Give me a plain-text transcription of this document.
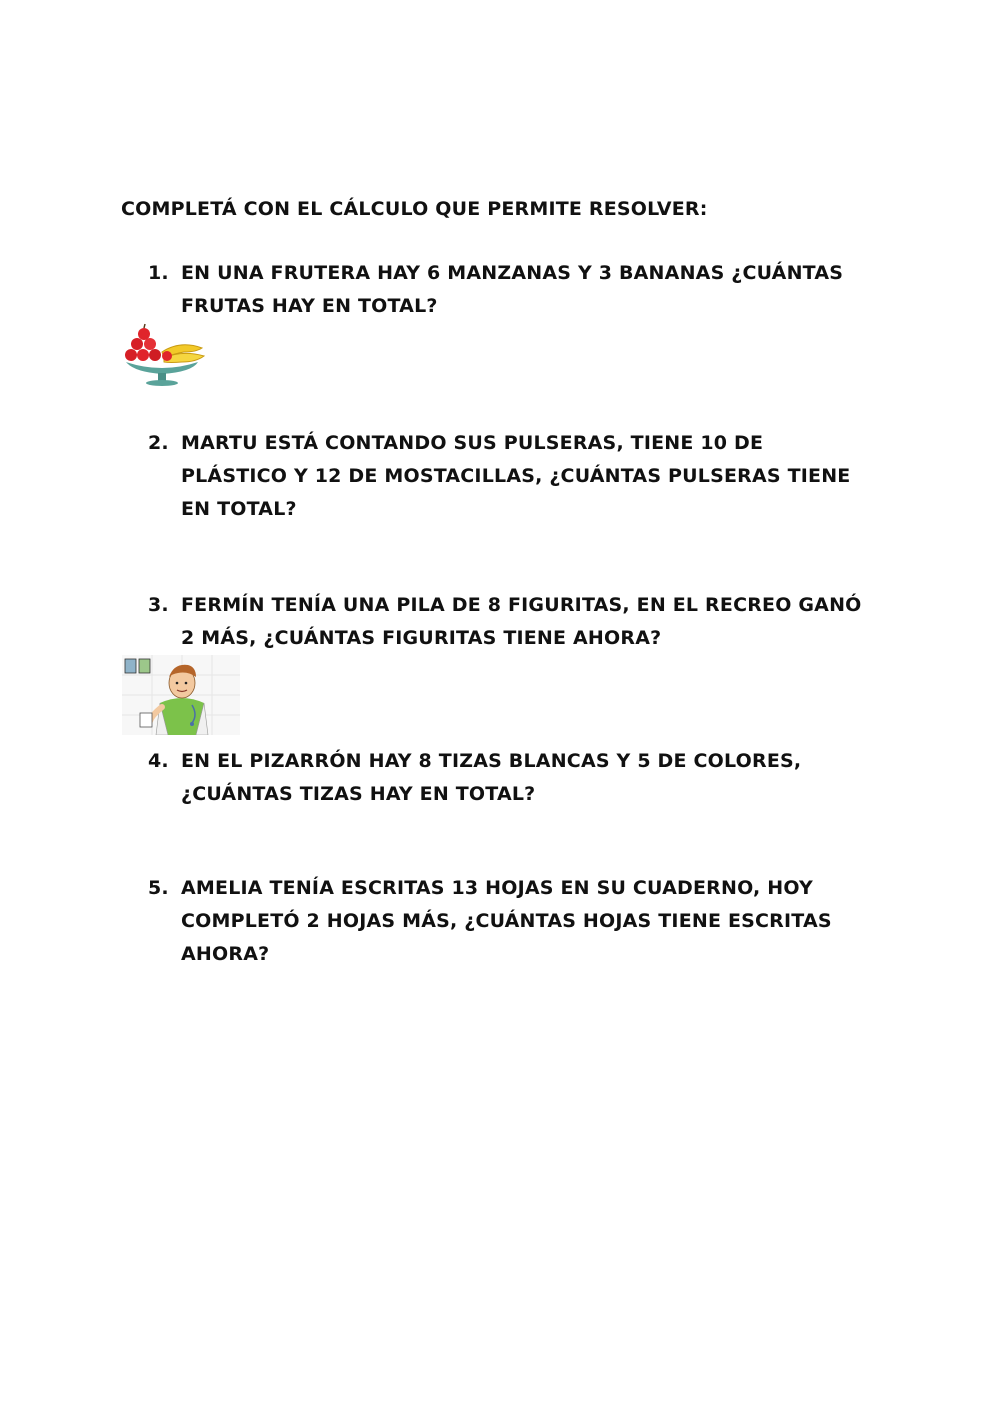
COMPLETÁ CON EL CÁLCULO QUE PERMITE RESOLVER:

1. EN UNA FRUTERA HAY 6 MANZANAS Y 3 BANANAS ¿CUÁNTAS
FRUTAS HAY EN TOTAL?
2. MARTU ESTÁ CONTANDO SUS PULSERAS, TIENE 10 DE
PLÁSTICO Y 12 DE MOSTACILLAS, ¿CUÁNTAS PULSERAS TIENE
EN TOTAL?
3. FERMÍN TENÍA UNA PILA DE 8 FIGURITAS, EN EL RECREO GANÓ
2 MÁS, ¿CUÁNTAS FIGURITAS TIENE AHORA?
4. EN EL PIZARRÓN HAY 8 TIZAS BLANCAS Y 5 DE COLORES,
¿CUÁNTAS TIZAS HAY EN TOTAL?
5. AMELIA TENÍA ESCRITAS 13 HOJAS EN SU CUADERNO, HOY
COMPLETÓ 2 HOJAS MÁS, ¿CUÁNTAS HOJAS TIENE ESCRITAS
AHORA?
